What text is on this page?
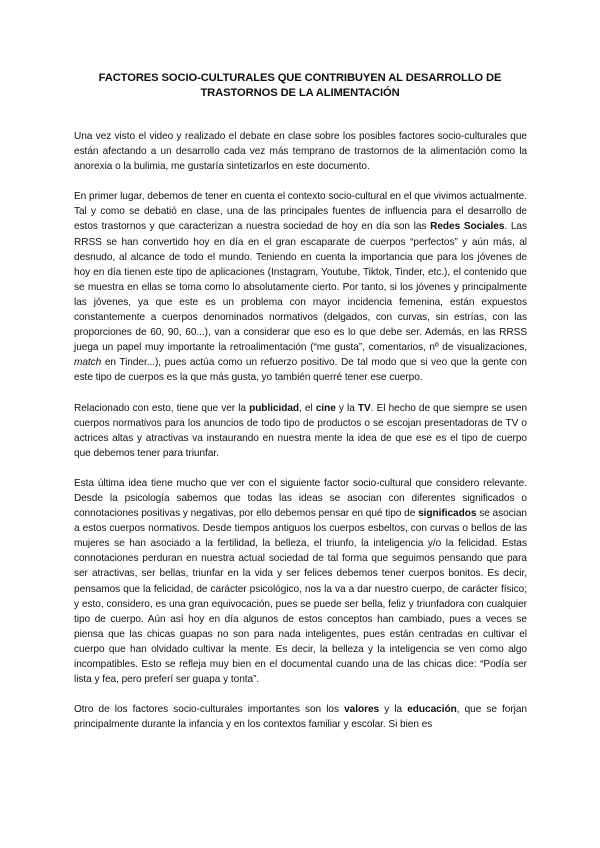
FACTORES SOCIO-CULTURALES QUE CONTRIBUYEN AL DESARROLLO DE
TRASTORNOS DE LA ALIMENTACIÓN

Una vez visto el video y realizado el debate en clase sobre los posibles factores socio-culturales que están afectando a un desarrollo cada vez más temprano de trastornos de la alimentación como la anorexia o la bulimia, me gustaría sintetizarlos en este documento.

En primer lugar, debemos de tener en cuenta el contexto socio-cultural en el que vivimos actualmente. Tal y como se debatió en clase, una de las principales fuentes de influencia para el desarrollo de estos trastornos y que caracterizan a nuestra sociedad de hoy en día son las Redes Sociales. Las RRSS se han convertido hoy en día en el gran escaparate de cuerpos “perfectos” y aún más, al desnudo, al alcance de todo el mundo. Teniendo en cuenta la importancia que para los jóvenes de hoy en día tienen este tipo de aplicaciones (Instagram, Youtube, Tiktok, Tinder, etc.), el contenido que se muestra en ellas se toma como lo absolutamente cierto. Por tanto, si los jóvenes y principalmente las jóvenes, ya que este es un problema con mayor incidencia femenina, están expuestos constantemente a cuerpos denominados normativos (delgados, con curvas, sin estrías, con las proporciones de 60, 90, 60...), van a considerar que eso es lo que debe ser. Además, en las RRSS juega un papel muy importante la retroalimentación (“me gusta”, comentarios, nº de visualizaciones, match en Tinder...), pues actúa como un refuerzo positivo. De tal modo que si veo que la gente con este tipo de cuerpos es la que más gusta, yo también querré tener ese cuerpo.

Relacionado con esto, tiene que ver la publicidad, el cine y la TV. El hecho de que siempre se usen cuerpos normativos para los anuncios de todo tipo de productos o se escojan presentadoras de TV o actrices altas y atractivas va instaurando en nuestra mente la idea de que ese es el tipo de cuerpo que debemos tener para triunfar.

Esta última idea tiene mucho que ver con el siguiente factor socio-cultural que considero relevante. Desde la psicología sabemos que todas las ideas se asocian con diferentes significados o connotaciones positivas y negativas, por ello debemos pensar en qué tipo de significados se asocian a estos cuerpos normativos. Desde tiempos antiguos los cuerpos esbeltos, con curvas o bellos de las mujeres se han asociado a la fertilidad, la belleza, el triunfo, la inteligencia y/o la felicidad. Estas connotaciones perduran en nuestra actual sociedad de tal forma que seguimos pensando que para ser atractivas, ser bellas, triunfar en la vida y ser felices debemos tener cuerpos bonitos. Es decir, pensamos que la felicidad, de carácter psicológico, nos la va a dar nuestro cuerpo, de carácter físico; y esto, considero, es una gran equivocación, pues se puede ser bella, feliz y triunfadora con cualquier tipo de cuerpo. Aún así hoy en día algunos de estos conceptos han cambiado, pues a veces se piensa que las chicas guapas no son para nada inteligentes, pues están centradas en cultivar el cuerpo que han olvidado cultivar la mente. Es decir, la belleza y la inteligencia se ven como algo incompatibles. Esto se refleja muy bien en el documental cuando una de las chicas dice: “Podía ser lista y fea, pero preferí ser guapa y tonta”.

Otro de los factores socio-culturales importantes son los valores y la educación, que se forjan principalmente durante la infancia y en los contextos familiar y escolar. Si bien es
